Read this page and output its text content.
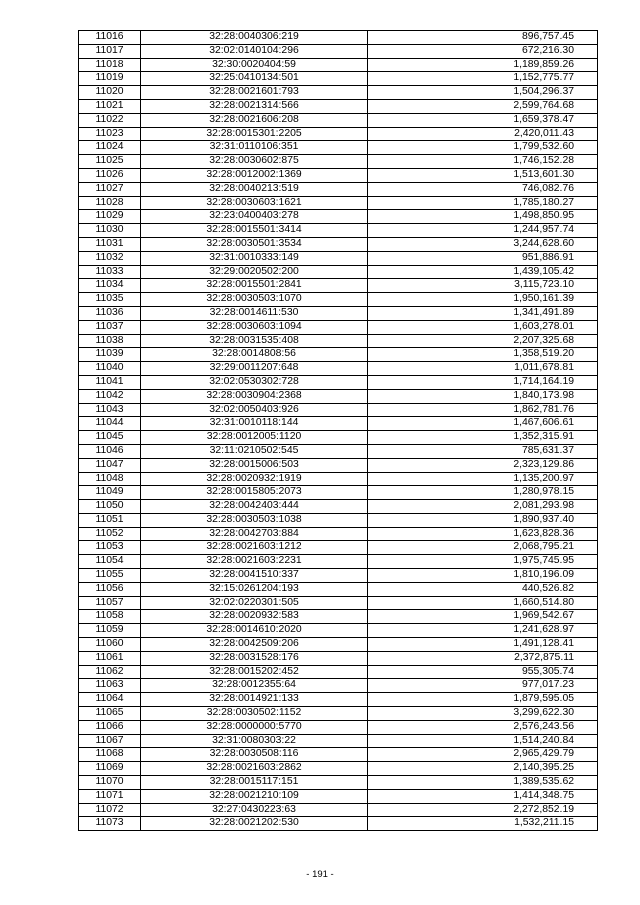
11016	32:28:0040306:219	896,757.45
11017	32:02:0140104:296	672,216.30
11018	32:30:0020404:59	1,189,859.26
11019	32:25:0410134:501	1,152,775.77
11020	32:28:0021601:793	1,504,296.37
11021	32:28:0021314:566	2,599,764.68
11022	32:28:0021606:208	1,659,378.47
11023	32:28:0015301:2205	2,420,011.43
11024	32:31:0110106:351	1,799,532.60
11025	32:28:0030602:875	1,746,152.28
11026	32:28:0012002:1369	1,513,601.30
11027	32:28:0040213:519	746,082.76
11028	32:28:0030603:1621	1,785,180.27
11029	32:23:0400403:278	1,498,850.95
11030	32:28:0015501:3414	1,244,957.74
11031	32:28:0030501:3534	3,244,628.60
11032	32:31:0010333:149	951,886.91
11033	32:29:0020502:200	1,439,105.42
11034	32:28:0015501:2841	3,115,723.10
11035	32:28:0030503:1070	1,950,161.39
11036	32:28:0014611:530	1,341,491.89
11037	32:28:0030603:1094	1,603,278.01
11038	32:28:0031535:408	2,207,325.68
11039	32:28:0014808:56	1,358,519.20
11040	32:29:0011207:648	1,011,678.81
11041	32:02:0530302:728	1,714,164.19
11042	32:28:0030904:2368	1,840,173.98
11043	32:02:0050403:926	1,862,781.76
11044	32:31:0010118:144	1,467,606.61
11045	32:28:0012005:1120	1,352,315.91
11046	32:11:0210502:545	785,631.37
11047	32:28:0015006:503	2,323,129.86
11048	32:28:0020932:1919	1,135,200.97
11049	32:28:0015805:2073	1,280,978.15
11050	32:28:0042403:444	2,081,293.98
11051	32:28:0030503:1038	1,890,937.40
11052	32:28:0042703:884	1,623,828.36
11053	32:28:0021603:1212	2,068,795.21
11054	32:28:0021603:2231	1,975,745.95
11055	32:28:0041510:337	1,810,196.09
11056	32:15:0261204:193	440,526.82
11057	32:02:0220301:505	1,660,514.80
11058	32:28:0020932:583	1,969,542.67
11059	32:28:0014610:2020	1,241,628.97
11060	32:28:0042509:206	1,491,128.41
11061	32:28:0031528:176	2,372,875.11
11062	32:28:0015202:452	955,305.74
11063	32:28:0012355:64	977,017.23
11064	32:28:0014921:133	1,879,595.05
11065	32:28:0030502:1152	3,299,622.30
11066	32:28:0000000:5770	2,576,243.56
11067	32:31:0080303:22	1,514,240.84
11068	32:28:0030508:116	2,965,429.79
11069	32:28:0021603:2862	2,140,395.25
11070	32:28:0015117:151	1,389,535.62
11071	32:28:0021210:109	1,414,348.75
11072	32:27:0430223:63	2,272,852.19
11073	32:28:0021202:530	1,532,211.15
- 191 -
